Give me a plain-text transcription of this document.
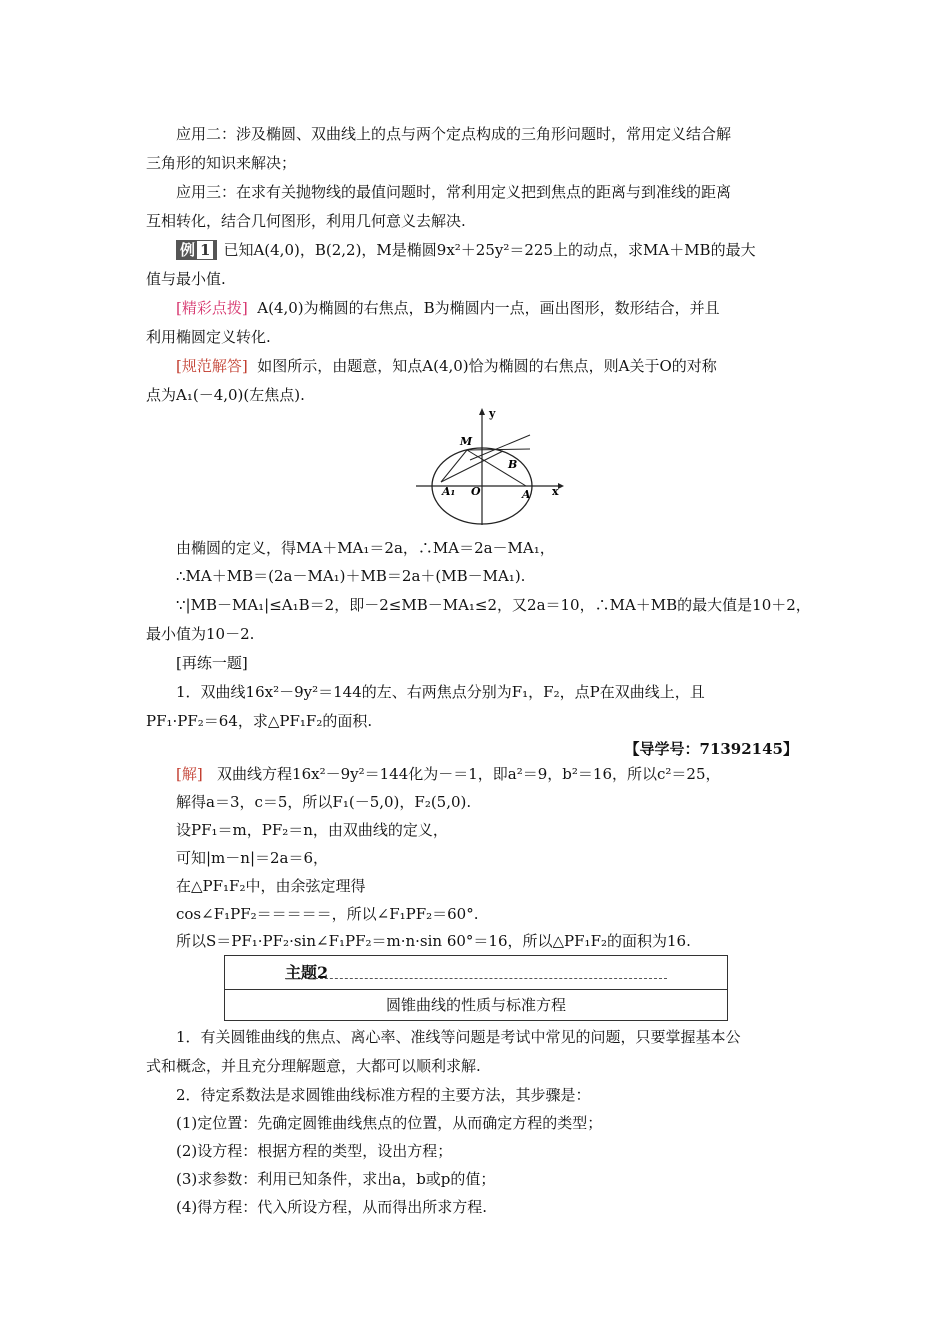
应用二：涉及椭圆、双曲线上的点与两个定点构成的三角形问题时，常用定义结合解
三角形的知识来解决；
应用三：在求有关抛物线的最值问题时，常利用定义把到焦点的距离与到准线的距离
互相转化，结合几何图形，利用几何意义去解决.
例 1 已知A(4,0)，B(2,2)，M是椭圆9x²＋25y²＝225上的动点，求MA＋MB的最大
值与最小值.
[精彩点拨] A(4,0)为椭圆的右焦点，B为椭圆内一点，画出图形，数形结合，并且
利用椭圆定义转化.
[规范解答] 如图所示，由题意，知点A(4,0)恰为椭圆的右焦点，则A关于O的对称
点为A₁(－4,0)(左焦点).
y
x
M
B
A₁ O	A
由椭圆的定义，得MA＋MA₁＝2a，∴MA＝2a－MA₁，
∴MA＋MB＝(2a－MA₁)＋MB＝2a＋(MB－MA₁).
∵|MB－MA₁|≤A₁B＝2，即－2≤MB－MA₁≤2，又2a＝10，∴MA＋MB的最大值是10＋2，
最小值为10－2.
[再练一题]
1．双曲线16x²－9y²＝144的左、右两焦点分别为F₁，F₂，点P在双曲线上，且
PF₁·PF₂＝64，求△PF₁F₂的面积.
【导学号：71392145】
[解] 双曲线方程16x²－9y²＝144化为－＝1，即a²＝9，b²＝16，所以c²＝25，
解得a＝3，c＝5，所以F₁(－5,0)，F₂(5,0).
设PF₁＝m，PF₂＝n，由双曲线的定义，
可知|m－n|＝2a＝6，
在△PF₁F₂中，由余弦定理得
cos∠F₁PF₂＝＝＝＝＝，所以∠F₁PF₂＝60°.
所以S＝PF₁·PF₂·sin∠F₁PF₂＝m·n·sin 60°＝16，所以△PF₁F₂的面积为16.
主题2
圆锥曲线的性质与标准方程
1．有关圆锥曲线的焦点、离心率、准线等问题是考试中常见的问题，只要掌握基本公
式和概念，并且充分理解题意，大都可以顺利求解.
2．待定系数法是求圆锥曲线标准方程的主要方法，其步骤是：
(1)定位置：先确定圆锥曲线焦点的位置，从而确定方程的类型；
(2)设方程：根据方程的类型，设出方程；
(3)求参数：利用已知条件，求出a，b或p的值；
(4)得方程：代入所设方程，从而得出所求方程.
